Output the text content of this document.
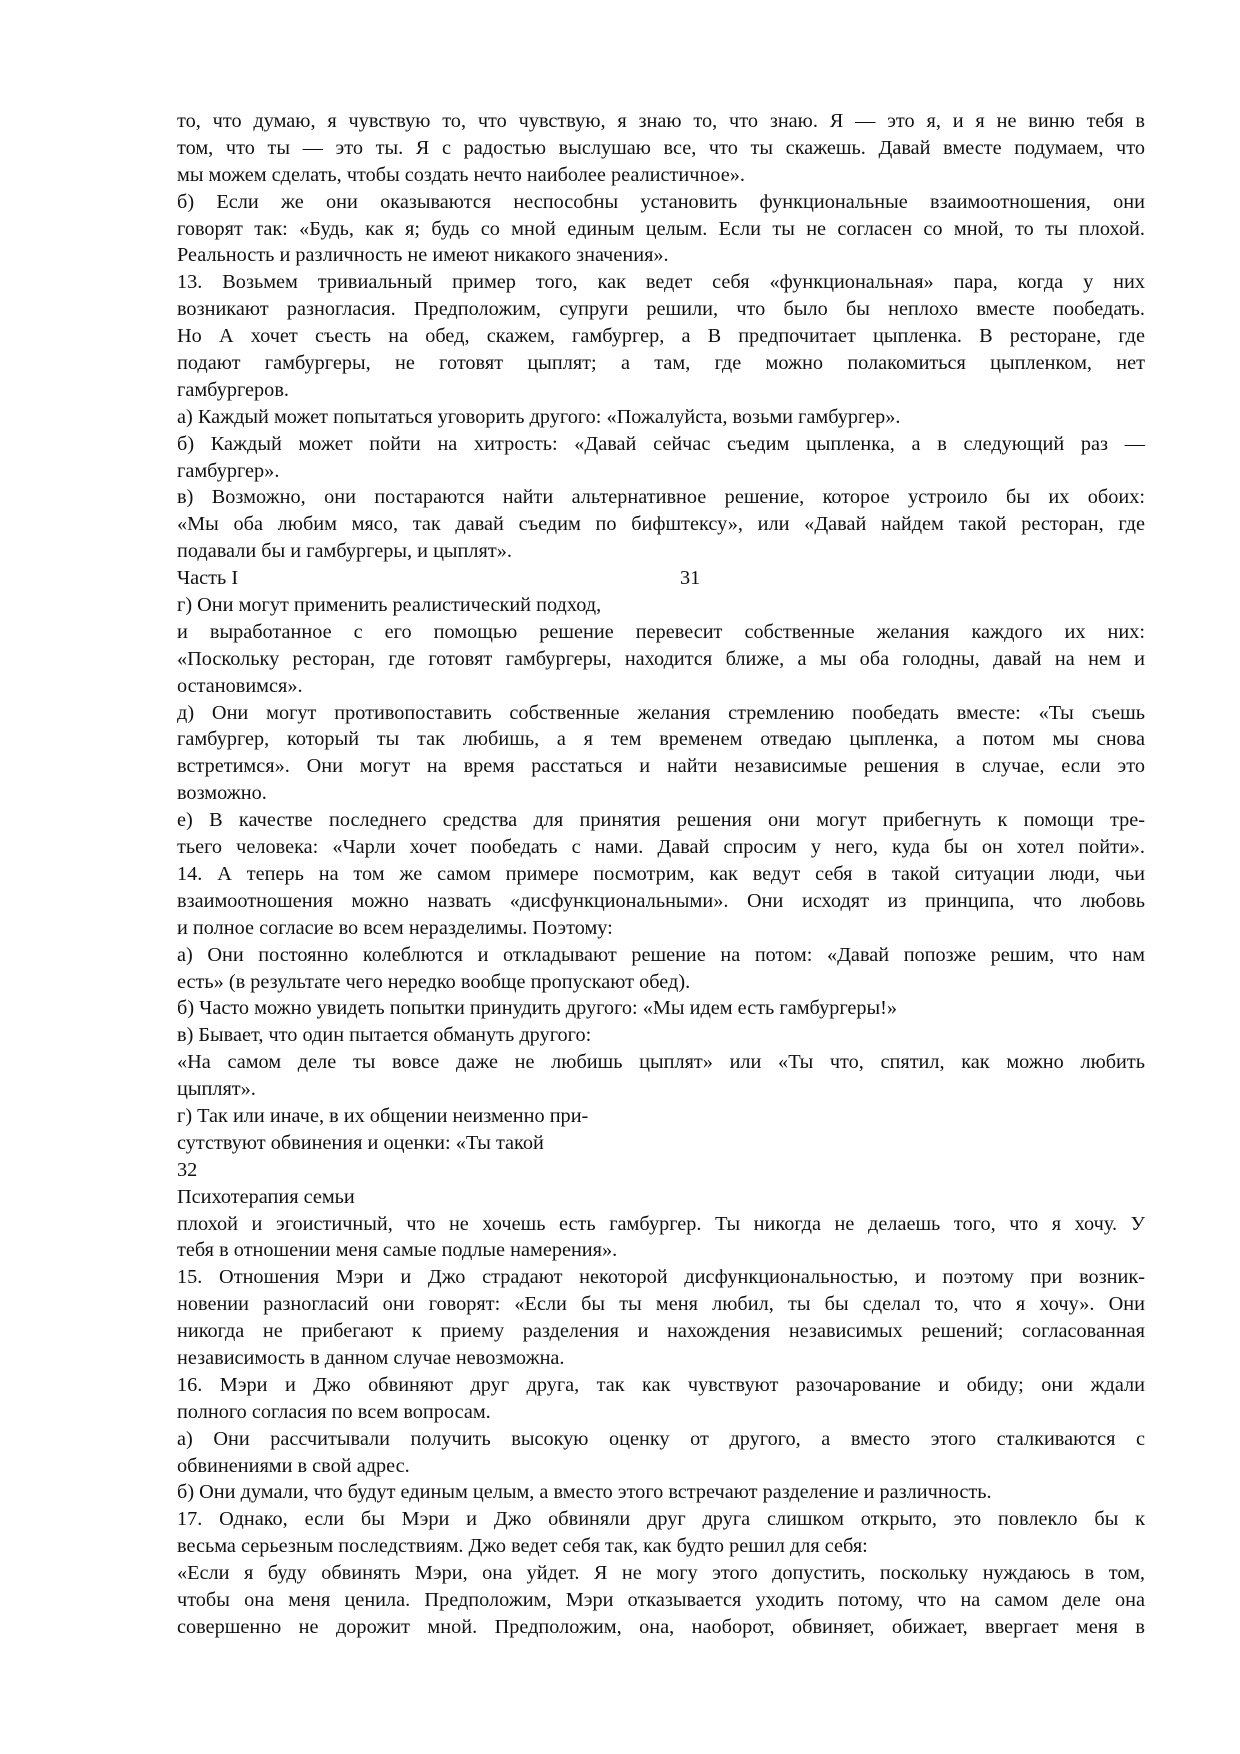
то, что думаю, я чувствую то, что чувствую, я знаю то, что знаю. Я — это я, и я не виню тебя в
том, что ты — это ты. Я с радостью выслушаю все, что ты скажешь. Давай вместе подумаем, что
мы можем сделать, чтобы создать нечто наиболее реалистичное».
б) Если же они оказываются неспособны установить функциональные взаимоотношения, они
говорят так: «Будь, как я; будь со мной единым целым. Если ты не согласен со мной, то ты плохой.
Реальность и различность не имеют никакого значения».
13. Возьмем тривиальный пример того, как ведет себя «функциональная» пара, когда у них
возникают разногласия. Предположим, супруги решили, что было бы неплохо вместе пообедать.
Но А хочет съесть на обед, скажем, гамбургер, а В предпочитает цыпленка. В ресторане, где
подают гамбургеры, не готовят цыплят; а там, где можно полакомиться цыпленком, нет
гамбургеров.
а) Каждый может попытаться уговорить другого: «Пожалуйста, возьми гамбургер».
б) Каждый может пойти на хитрость: «Давай сейчас съедим цыпленка, а в следующий раз —
гамбургер».
в) Возможно, они постараются найти альтернативное решение, которое устроило бы их обоих:
«Мы оба любим мясо, так давай съедим по бифштексу», или «Давай найдем такой ресторан, где
подавали бы и гамбургеры, и цыплят».
Часть I	31
г) Они могут применить реалистический подход,
и выработанное с его помощью решение перевесит собственные желания каждого их них:
«Поскольку ресторан, где готовят гамбургеры, находится ближе, а мы оба голодны, давай на нем и
остановимся».
д) Они могут противопоставить собственные желания стремлению пообедать вместе: «Ты съешь
гамбургер, который ты так любишь, а я тем временем отведаю цыпленка, а потом мы снова
встретимся». Они могут на время расстаться и найти независимые решения в случае, если это
возможно.
е) В качестве последнего средства для принятия решения они могут прибегнуть к помощи тре-
тьего человека: «Чарли хочет пообедать с нами. Давай спросим у него, куда бы он хотел пойти».
14. А теперь на том же самом примере посмотрим, как ведут себя в такой ситуации люди, чьи
взаимоотношения можно назвать «дисфункциональными». Они исходят из принципа, что любовь
и полное согласие во всем неразделимы. Поэтому:
а) Они постоянно колеблются и откладывают решение на потом: «Давай попозже решим, что нам
есть» (в результате чего нередко вообще пропускают обед).
б) Часто можно увидеть попытки принудить другого: «Мы идем есть гамбургеры!»
в) Бывает, что один пытается обмануть другого:
«На самом деле ты вовсе даже не любишь цыплят» или «Ты что, спятил, как можно любить
цыплят».
г) Так или иначе, в их общении неизменно при-
сутствуют обвинения и оценки: «Ты такой
32
Психотерапия семьи
плохой и эгоистичный, что не хочешь есть гамбургер. Ты никогда не делаешь того, что я хочу. У
тебя в отношении меня самые подлые намерения».
15. Отношения Мэри и Джо страдают некоторой дисфункциональностью, и поэтому при возник-
новении разногласий они говорят: «Если бы ты меня любил, ты бы сделал то, что я хочу». Они
никогда не прибегают к приему разделения и нахождения независимых решений; согласованная
независимость в данном случае невозможна.
16. Мэри и Джо обвиняют друг друга, так как чувствуют разочарование и обиду; они ждали
полного согласия по всем вопросам.
а) Они рассчитывали получить высокую оценку от другого, а вместо этого сталкиваются с
обвинениями в свой адрес.
б) Они думали, что будут единым целым, а вместо этого встречают разделение и различность.
17. Однако, если бы Мэри и Джо обвиняли друг друга слишком открыто, это повлекло бы к
весьма серьезным последствиям. Джо ведет себя так, как будто решил для себя:
«Если я буду обвинять Мэри, она уйдет. Я не могу этого допустить, поскольку нуждаюсь в том,
чтобы она меня ценила. Предположим, Мэри отказывается уходить потому, что на самом деле она
совершенно не дорожит мной. Предположим, она, наоборот, обвиняет, обижает, ввергает меня в
